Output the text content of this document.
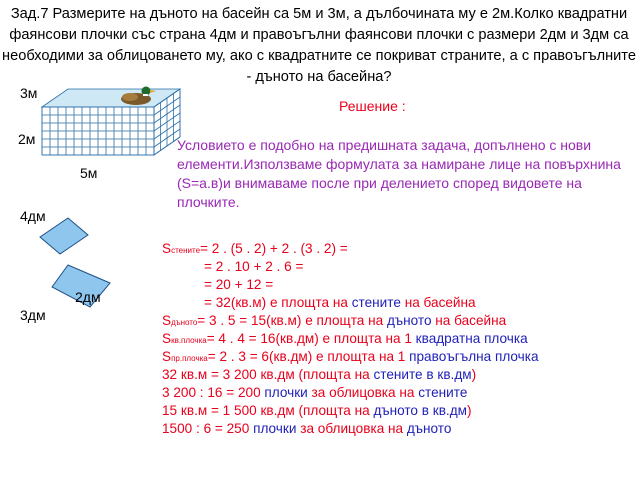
Зад.7 Размерите на дъното на басейн са 5м и 3м, а дълбочината му е 2м.Колко квадратни фаянсови плочки със страна 4дм и правоъгълни фаянсови плочки с размери 2дм и 3дм са необходими за облицоването му, ако с квадратните се покриват страните, а с правоъгълните - дъното на басейна?
3м
2м
5м
Решение :
Условието е подобно на предишната задача, допълнено с нови елементи.Използваме формулата за намиране лице на повърхнина (S=a.в)и внимаваме после при делението според видовете на плочките.
4дм
2дм
3дм
Sстените= 2 . (5 . 2) + 2 . (3 . 2) =
= 2 . 10 + 2 . 6 =
= 20 + 12 =
= 32(кв.м) е площта на стените на басейна
Sдъното= 3 . 5 = 15(кв.м) е площта на дъното на басейна
Sкв.плочка= 4 . 4 = 16(кв.дм) е площта на 1 квадратна плочка
Sпр.плочка= 2 . 3 = 6(кв.дм) е площта на 1 правоъгълна плочка
32 кв.м = 3 200 кв.дм (площта на стените в кв.дм)
3 200 : 16 = 200 плочки за облицовка на стените
15 кв.м = 1 500 кв.дм (площта на дъното в кв.дм)
1500 : 6 = 250 плочки за облицовка на дъното
